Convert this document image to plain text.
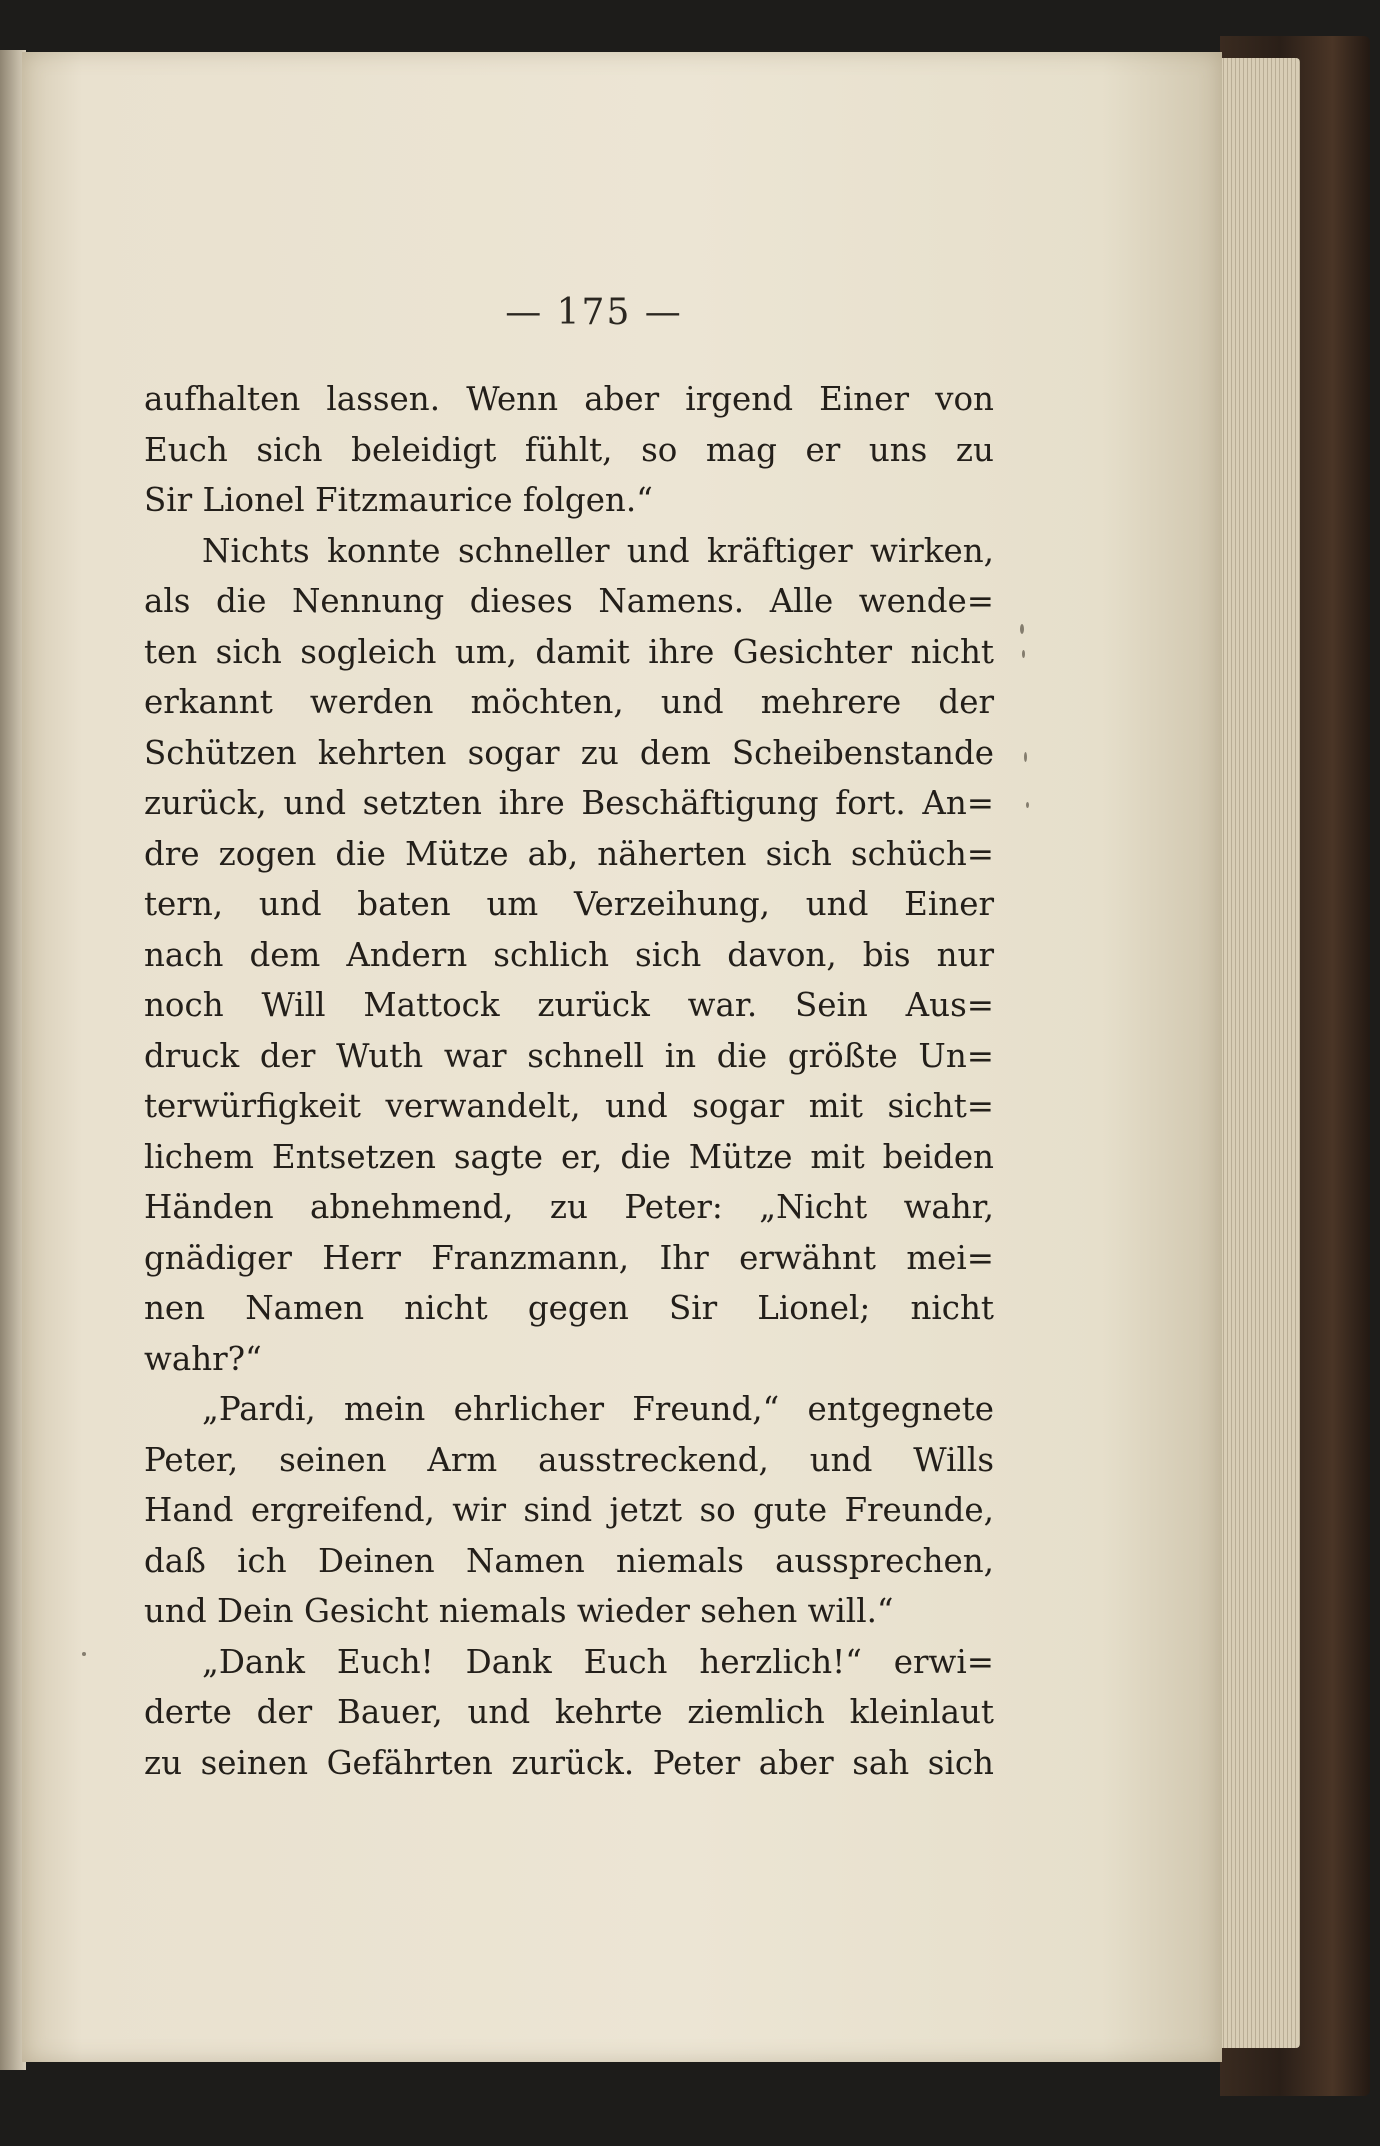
— 175 —
aufhalten lassen. Wenn aber irgend Einer von
Euch sich beleidigt fühlt, so mag er uns zu
Sir Lionel Fitzmaurice folgen.“
Nichts konnte schneller und kräftiger wirken,
als die Nennung dieses Namens. Alle wende=
ten sich sogleich um, damit ihre Gesichter nicht
erkannt werden möchten, und mehrere der
Schützen kehrten sogar zu dem Scheibenstande
zurück, und setzten ihre Beschäftigung fort. An=
dre zogen die Mütze ab, näherten sich schüch=
tern, und baten um Verzeihung, und Einer
nach dem Andern schlich sich davon, bis nur
noch Will Mattock zurück war. Sein Aus=
druck der Wuth war schnell in die größte Un=
terwürfigkeit verwandelt, und sogar mit sicht=
lichem Entsetzen sagte er, die Mütze mit beiden
Händen abnehmend, zu Peter: „Nicht wahr,
gnädiger Herr Franzmann, Ihr erwähnt mei=
nen Namen nicht gegen Sir Lionel; nicht
wahr?“
„Pardi, mein ehrlicher Freund,“ entgegnete
Peter, seinen Arm ausstreckend, und Wills
Hand ergreifend, wir sind jetzt so gute Freunde,
daß ich Deinen Namen niemals aussprechen,
und Dein Gesicht niemals wieder sehen will.“
„Dank Euch! Dank Euch herzlich!“ erwi=
derte der Bauer, und kehrte ziemlich kleinlaut
zu seinen Gefährten zurück. Peter aber sah sich
